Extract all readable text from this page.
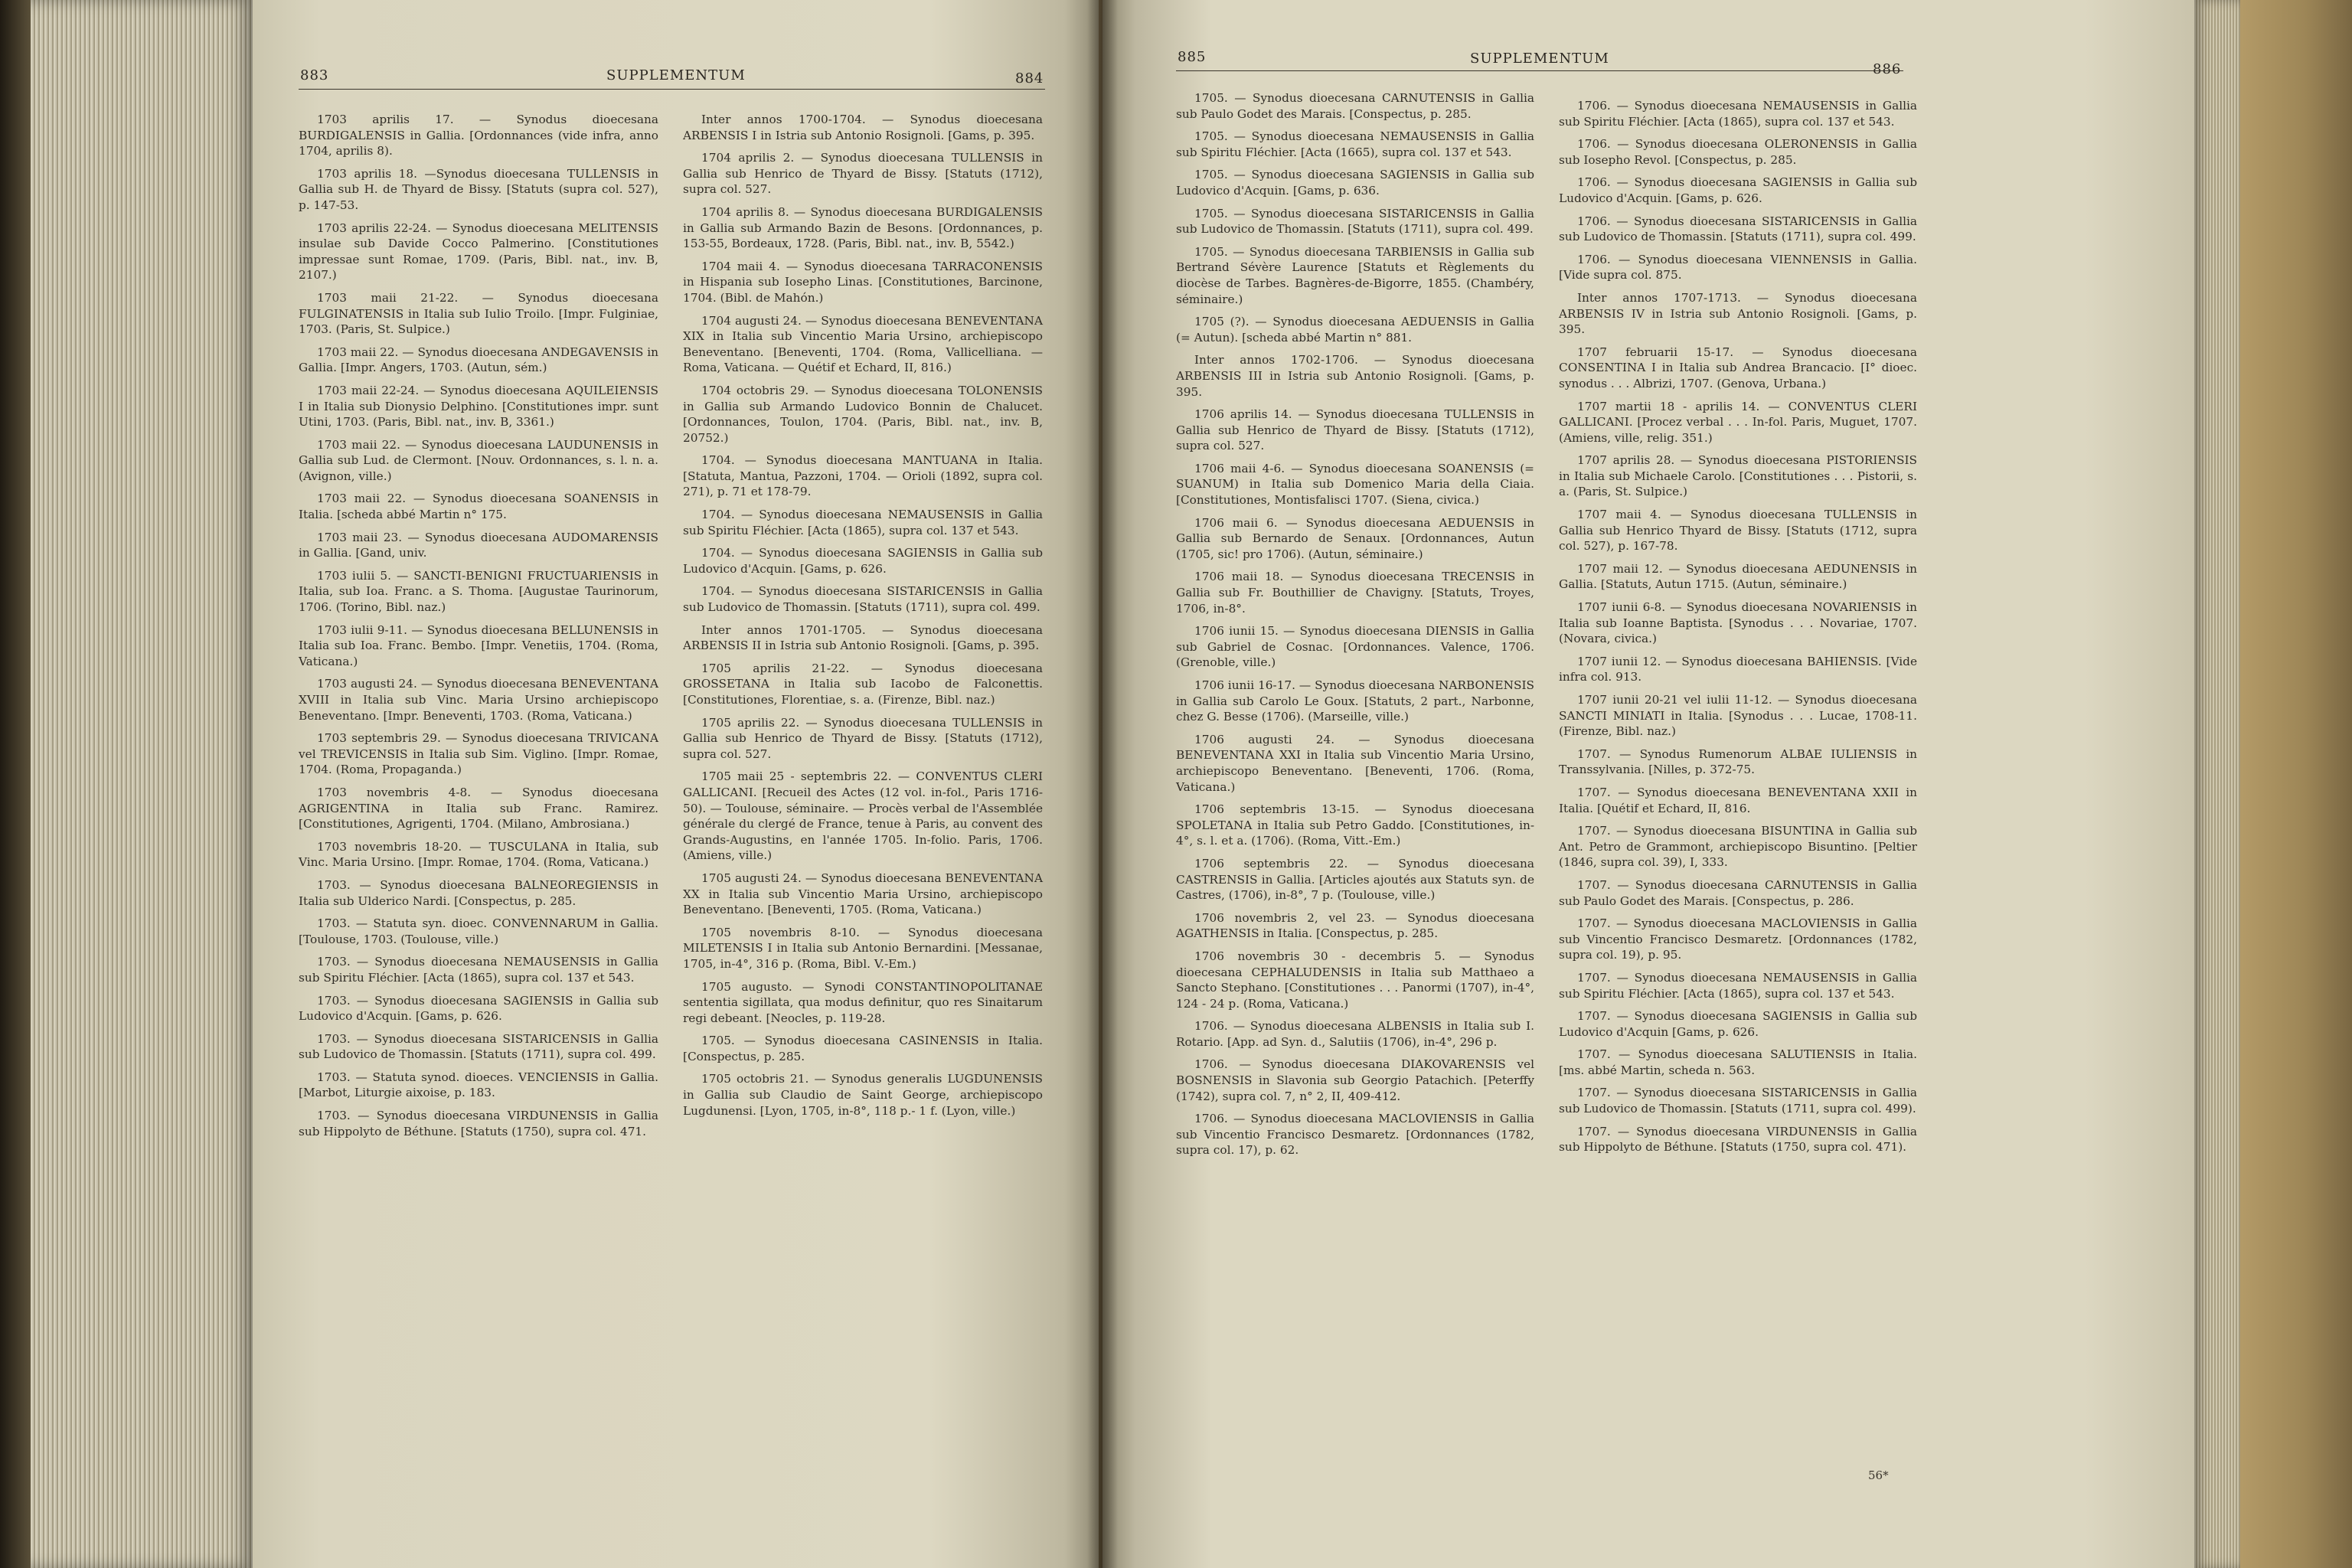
883	SUPPLEMENTUM	884

1703 aprilis 17. — Synodus dioecesana BURDIGALENSIS in Gallia. [Ordonnances (vide infra, anno 1704, aprilis 8).

1703 aprilis 18. —Synodus dioecesana TULLENSIS in Gallia sub H. de Thyard de Bissy. [Statuts (supra col. 527), p. 147-53.

1703 aprilis 22-24. — Synodus dioecesana MELITENSIS insulae sub Davide Cocco Palmerino. [Constitutiones impressae sunt Romae, 1709. (Paris, Bibl. nat., inv. B, 2107.)

1703 maii 21-22. — Synodus dioecesana FULGINATENSIS in Italia sub Iulio Troilo. [Impr. Fulginiae, 1703. (Paris, St. Sulpice.)

1703 maii 22. — Synodus dioecesana ANDEGAVENSIS in Gallia. [Impr. Angers, 1703. (Autun, sém.)

1703 maii 22-24. — Synodus dioecesana AQUILEIENSIS I in Italia sub Dionysio Delphino. [Constitutiones impr. sunt Utini, 1703. (Paris, Bibl. nat., inv. B, 3361.)

1703 maii 22. — Synodus dioecesana LAUDUNENSIS in Gallia sub Lud. de Clermont. [Nouv. Ordonnances, s. l. n. a. (Avignon, ville.)

1703 maii 22. — Synodus dioecesana SOANENSIS in Italia. [scheda abbé Martin n° 175.

1703 maii 23. — Synodus dioecesana AUDOMARENSIS in Gallia. [Gand, univ.

1703 iulii 5. — SANCTI-BENIGNI FRUCTUARIENSIS in Italia, sub Ioa. Franc. a S. Thoma. [Augustae Taurinorum, 1706. (Torino, Bibl. naz.)

1703 iulii 9-11. — Synodus dioecesana BELLUNENSIS in Italia sub Ioa. Franc. Bembo. [Impr. Venetiis, 1704. (Roma, Vaticana.)

1703 augusti 24. — Synodus dioecesana BENEVENTANA XVIII in Italia sub Vinc. Maria Ursino archiepiscopo Beneventano. [Impr. Beneventi, 1703. (Roma, Vaticana.)

1703 septembris 29. — Synodus dioecesana TRIVICANA vel TREVICENSIS in Italia sub Sim. Viglino. [Impr. Romae, 1704. (Roma, Propaganda.)

1703 novembris 4-8. — Synodus dioecesana AGRIGENTINA in Italia sub Franc. Ramirez. [Constitutiones, Agrigenti, 1704. (Milano, Ambrosiana.)

1703 novembris 18-20. — TUSCULANA in Italia, sub Vinc. Maria Ursino. [Impr. Romae, 1704. (Roma, Vaticana.)

1703. — Synodus dioecesana BALNEOREGIENSIS in Italia sub Ulderico Nardi. [Conspectus, p. 285.

1703. — Statuta syn. dioec. CONVENNARUM in Gallia. [Toulouse, 1703. (Toulouse, ville.)

1703. — Synodus dioecesana NEMAUSENSIS in Gallia sub Spiritu Fléchier. [Acta (1865), supra col. 137 et 543.

1703. — Synodus dioecesana SAGIENSIS in Gallia sub Ludovico d'Acquin. [Gams, p. 626.

1703. — Synodus dioecesana SISTARICENSIS in Gallia sub Ludovico de Thomassin. [Statuts (1711), supra col. 499.

1703. — Statuta synod. dioeces. VENCIENSIS in Gallia. [Marbot, Liturgie aixoise, p. 183.

1703. — Synodus dioecesana VIRDUNENSIS in Gallia sub Hippolyto de Béthune. [Statuts (1750), supra col. 471.

Inter annos 1700-1704. — Synodus dioecesana ARBENSIS I in Istria sub Antonio Rosignoli. [Gams, p. 395.

1704 aprilis 2. — Synodus dioecesana TULLENSIS in Gallia sub Henrico de Thyard de Bissy. [Statuts (1712), supra col. 527.

1704 aprilis 8. — Synodus dioecesana BURDIGALENSIS in Gallia sub Armando Bazin de Besons. [Ordonnances, p. 153-55, Bordeaux, 1728. (Paris, Bibl. nat., inv. B, 5542.)

1704 maii 4. — Synodus dioecesana TARRACONENSIS in Hispania sub Iosepho Linas. [Constitutiones, Barcinone, 1704. (Bibl. de Mahón.)

1704 augusti 24. — Synodus dioecesana BENEVENTANA XIX in Italia sub Vincentio Maria Ursino, archiepiscopo Beneventano. [Beneventi, 1704. (Roma, Vallicelliana. — Roma, Vaticana. — Quétif et Echard, II, 816.)

1704 octobris 29. — Synodus dioecesana TOLONENSIS in Gallia sub Armando Ludovico Bonnin de Chalucet. [Ordonnances, Toulon, 1704. (Paris, Bibl. nat., inv. B, 20752.)

1704. — Synodus dioecesana MANTUANA in Italia. [Statuta, Mantua, Pazzoni, 1704. — Orioli (1892, supra col. 271), p. 71 et 178-79.

1704. — Synodus dioecesana NEMAUSENSIS in Gallia sub Spiritu Fléchier. [Acta (1865), supra col. 137 et 543.

1704. — Synodus dioecesana SAGIENSIS in Gallia sub Ludovico d'Acquin. [Gams, p. 626.

1704. — Synodus dioecesana SISTARICENSIS in Gallia sub Ludovico de Thomassin. [Statuts (1711), supra col. 499.

Inter annos 1701-1705. — Synodus dioecesana ARBENSIS II in Istria sub Antonio Rosignoli. [Gams, p. 395.

1705 aprilis 21-22. — Synodus dioecesana GROSSETANA in Italia sub Iacobo de Falconettis. [Constitutiones, Florentiae, s. a. (Firenze, Bibl. naz.)

1705 aprilis 22. — Synodus dioecesana TULLENSIS in Gallia sub Henrico de Thyard de Bissy. [Statuts (1712), supra col. 527.

1705 maii 25 - septembris 22. — CONVENTUS CLERI GALLICANI. [Recueil des Actes (12 vol. in-fol., Paris 1716-50). — Toulouse, séminaire. — Procès verbal de l'Assemblée générale du clergé de France, tenue à Paris, au convent des Grands-Augustins, en l'année 1705. In-folio. Paris, 1706. (Amiens, ville.)

1705 augusti 24. — Synodus dioecesana BENEVENTANA XX in Italia sub Vincentio Maria Ursino, archiepiscopo Beneventano. [Beneventi, 1705. (Roma, Vaticana.)

1705 novembris 8-10. — Synodus dioecesana MILETENSIS I in Italia sub Antonio Bernardini. [Messanae, 1705, in-4°, 316 p. (Roma, Bibl. V.-Em.)

1705 augusto. — Synodi CONSTANTINOPOLITANAE sententia sigillata, qua modus definitur, quo res Sinaitarum regi debeant. [Neocles, p. 119-28.

1705. — Synodus dioecesana CASINENSIS in Italia. [Conspectus, p. 285.

1705 octobris 21. — Synodus generalis LUGDUNENSIS in Gallia sub Claudio de Saint George, archiepiscopo Lugdunensi. [Lyon, 1705, in-8°, 118 p.- 1 f. (Lyon, ville.)

885	SUPPLEMENTUM
886

1705. — Synodus dioecesana CARNUTENSIS in Gallia sub Paulo Godet des Marais. [Conspectus, p. 285.

1705. — Synodus dioecesana NEMAUSENSIS in Gallia sub Spiritu Fléchier. [Acta (1665), supra col. 137 et 543.

1705. — Synodus dioecesana SAGIENSIS in Gallia sub Ludovico d'Acquin. [Gams, p. 636.

1705. — Synodus dioecesana SISTARICENSIS in Gallia sub Ludovico de Thomassin. [Statuts (1711), supra col. 499.

1705. — Synodus dioecesana TARBIENSIS in Gallia sub Bertrand Sévère Laurence [Statuts et Règlements du diocèse de Tarbes. Bagnères-de-Bigorre, 1855. (Chambéry, séminaire.)

1705 (?). — Synodus dioecesana AEDUENSIS in Gallia (= Autun). [scheda abbé Martin n° 881.

Inter annos 1702-1706. — Synodus dioecesana ARBENSIS III in Istria sub Antonio Rosignoli. [Gams, p. 395.

1706 aprilis 14. — Synodus dioecesana TULLENSIS in Gallia sub Henrico de Thyard de Bissy. [Statuts (1712), supra col. 527.

1706 maii 4-6. — Synodus dioecesana SOANENSIS (= SUANUM) in Italia sub Domenico Maria della Ciaia. [Constitutiones, Montisfalisci 1707. (Siena, civica.)

1706 maii 6. — Synodus dioecesana AEDUENSIS in Gallia sub Bernardo de Senaux. [Ordonnances, Autun (1705, sic! pro 1706). (Autun, séminaire.)

1706 maii 18. — Synodus dioecesana TRECENSIS in Gallia sub Fr. Bouthillier de Chavigny. [Statuts, Troyes, 1706, in-8°.

1706 iunii 15. — Synodus dioecesana DIENSIS in Gallia sub Gabriel de Cosnac. [Ordonnances. Valence, 1706. (Grenoble, ville.)

1706 iunii 16-17. — Synodus dioecesana NARBONENSIS in Gallia sub Carolo Le Goux. [Statuts, 2 part., Narbonne, chez G. Besse (1706). (Marseille, ville.)

1706 augusti 24. — Synodus dioecesana BENEVENTANA XXI in Italia sub Vincentio Maria Ursino, archiepiscopo Beneventano. [Beneventi, 1706. (Roma, Vaticana.)

1706 septembris 13-15. — Synodus dioecesana SPOLETANA in Italia sub Petro Gaddo. [Constitutiones, in-4°, s. l. et a. (1706). (Roma, Vitt.-Em.)

1706 septembris 22. — Synodus dioecesana CASTRENSIS in Gallia. [Articles ajoutés aux Statuts syn. de Castres, (1706), in-8°, 7 p. (Toulouse, ville.)

1706 novembris 2, vel 23. — Synodus dioecesana AGATHENSIS in Italia. [Conspectus, p. 285.

1706 novembris 30 - decembris 5. — Synodus dioecesana CEPHALUDENSIS in Italia sub Matthaeo a Sancto Stephano. [Constitutiones . . . Panormi (1707), in-4°, 124 - 24 p. (Roma, Vaticana.)

1706. — Synodus dioecesana ALBENSIS in Italia sub I. Rotario. [App. ad Syn. d., Salutiis (1706), in-4°, 296 p.

1706. — Synodus dioecesana DIAKOVARENSIS vel BOSNENSIS in Slavonia sub Georgio Patachich. [Peterffy (1742), supra col. 7, n° 2, II, 409-412.

1706. — Synodus dioecesana MACLOVIENSIS in Gallia sub Vincentio Francisco Desmaretz. [Ordonnances (1782, supra col. 17), p. 62.

1706. — Synodus dioecesana NEMAUSENSIS in Gallia sub Spiritu Fléchier. [Acta (1865), supra col. 137 et 543.

1706. — Synodus dioecesana OLERONENSIS in Gallia sub Iosepho Revol. [Conspectus, p. 285.

1706. — Synodus dioecesana SAGIENSIS in Gallia sub Ludovico d'Acquin. [Gams, p. 626.

1706. — Synodus dioecesana SISTARICENSIS in Gallia sub Ludovico de Thomassin. [Statuts (1711), supra col. 499.

1706. — Synodus dioecesana VIENNENSIS in Gallia. [Vide supra col. 875.

Inter annos 1707-1713. — Synodus dioecesana ARBENSIS IV in Istria sub Antonio Rosignoli. [Gams, p. 395.

1707 februarii 15-17. — Synodus dioecesana CONSENTINA I in Italia sub Andrea Brancacio. [I° dioec. synodus . . . Albrizi, 1707. (Genova, Urbana.)

1707 martii 18 - aprilis 14. — CONVENTUS CLERI GALLICANI. [Procez verbal . . . In-fol. Paris, Muguet, 1707. (Amiens, ville, relig. 351.)

1707 aprilis 28. — Synodus dioecesana PISTORIENSIS in Italia sub Michaele Carolo. [Constitutiones . . . Pistorii, s. a. (Paris, St. Sulpice.)

1707 maii 4. — Synodus dioecesana TULLENSIS in Gallia sub Henrico Thyard de Bissy. [Statuts (1712, supra col. 527), p. 167-78.

1707 maii 12. — Synodus dioecesana AEDUNENSIS in Gallia. [Statuts, Autun 1715. (Autun, séminaire.)

1707 iunii 6-8. — Synodus dioecesana NOVARIENSIS in Italia sub Ioanne Baptista. [Synodus . . . Novariae, 1707. (Novara, civica.)

1707 iunii 12. — Synodus dioecesana BAHIENSIS. [Vide infra col. 913.

1707 iunii 20-21 vel iulii 11-12. — Synodus dioecesana SANCTI MINIATI in Italia. [Synodus . . . Lucae, 1708-11. (Firenze, Bibl. naz.)

1707. — Synodus Rumenorum ALBAE IULIENSIS in Transsylvania. [Nilles, p. 372-75.

1707. — Synodus dioecesana BENEVENTANA XXII in Italia. [Quétif et Echard, II, 816.

1707. — Synodus dioecesana BISUNTINA in Gallia sub Ant. Petro de Grammont, archiepiscopo Bisuntino. [Peltier (1846, supra col. 39), I, 333.

1707. — Synodus dioecesana CARNUTENSIS in Gallia sub Paulo Godet des Marais. [Conspectus, p. 286.

1707. — Synodus dioecesana MACLOVIENSIS in Gallia sub Vincentio Francisco Desmaretz. [Ordonnances (1782, supra col. 19), p. 95.

1707. — Synodus dioecesana NEMAUSENSIS in Gallia sub Spiritu Fléchier. [Acta (1865), supra col. 137 et 543.

1707. — Synodus dioecesana SAGIENSIS in Gallia sub Ludovico d'Acquin [Gams, p. 626.

1707. — Synodus dioecesana SALUTIENSIS in Italia. [ms. abbé Martin, scheda n. 563.

1707. — Synodus dioecesana SISTARICENSIS in Gallia sub Ludovico de Thomassin. [Statuts (1711, supra col. 499).

1707. — Synodus dioecesana VIRDUNENSIS in Gallia sub Hippolyto de Béthune. [Statuts (1750, supra col. 471).

56*
